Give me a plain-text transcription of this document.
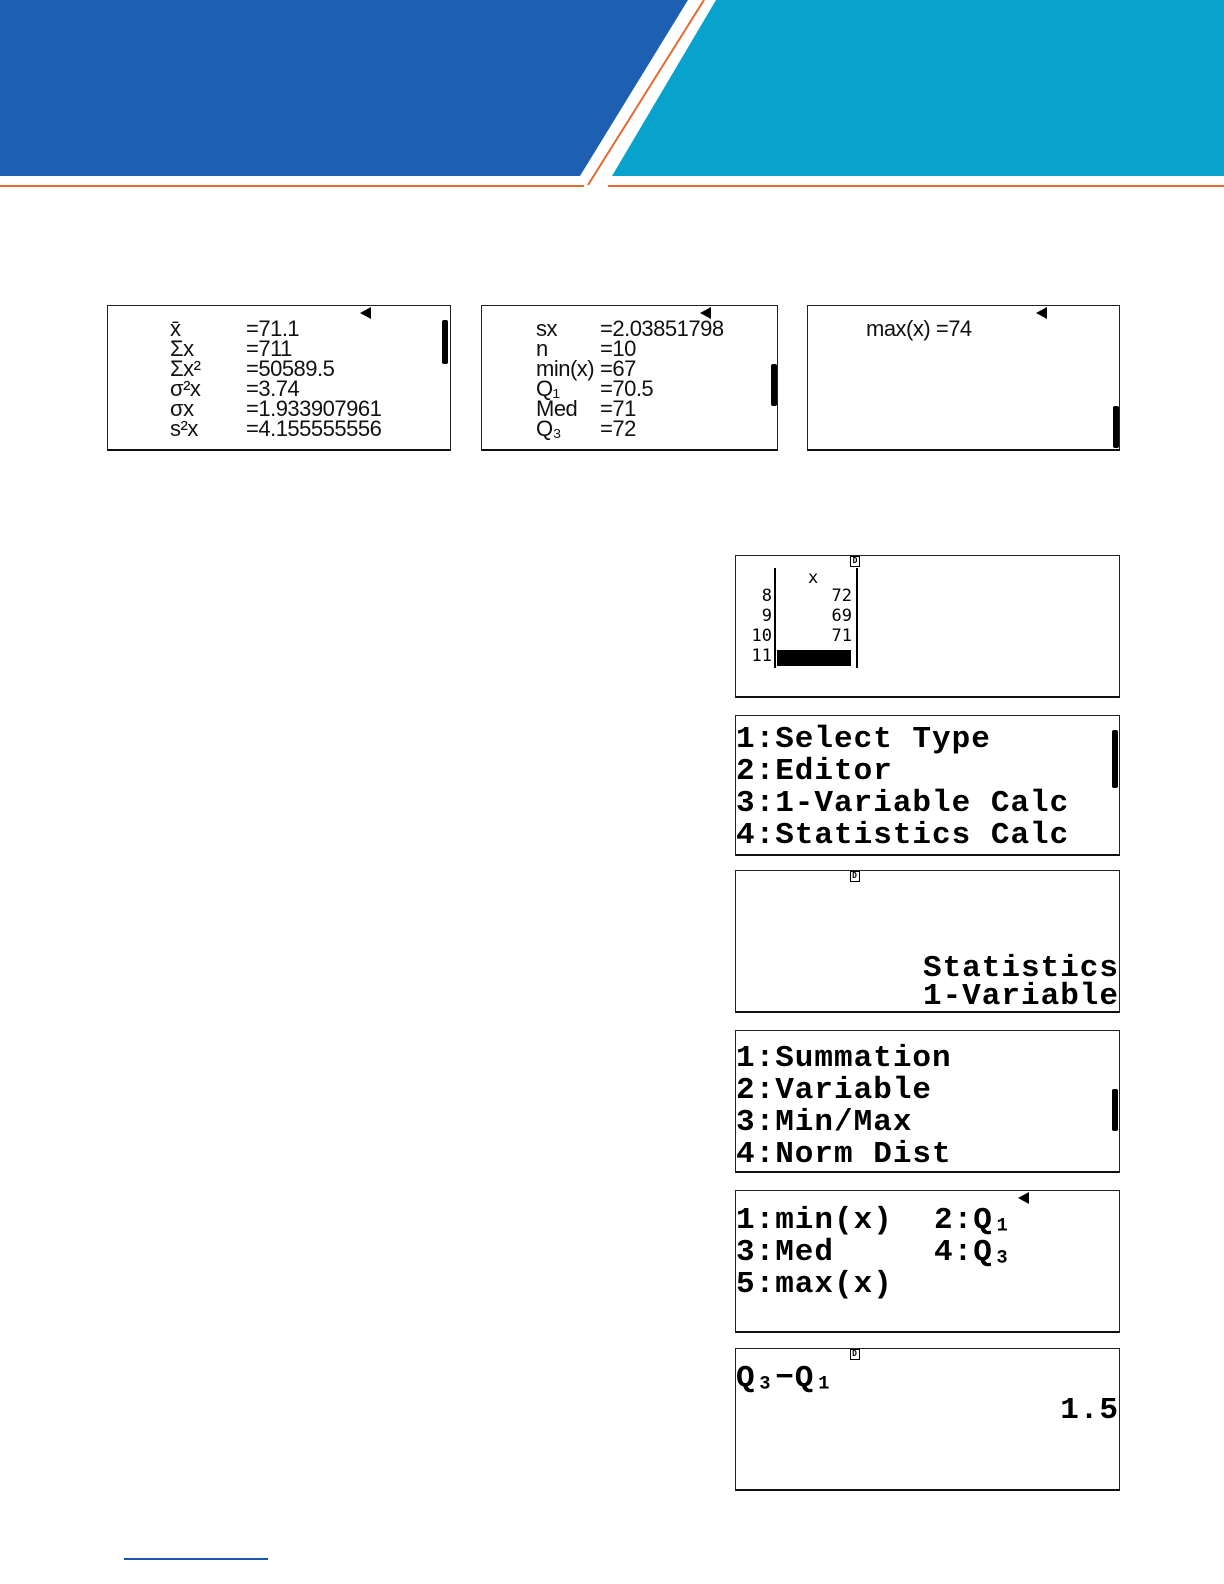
x̄	=71.1
Σx =711
Σx² =50589.5
σ²x =3.74
σx =1.933907961
s²x =4.155555556
sx =2.03851798
n =10
min(x) =67
Q₁ =70.5
Med =71
Q₃ =72
max(x) =74
D
x
8	72
9	69
10	71
11
1:Select Type
2:Editor
3:1-Variable Calc
4:Statistics Calc
D
Statistics
1-Variable
1:Summation
2:Variable
3:Min/Max
4:Norm Dist
1:min(x) 2:Q₁
3:Med	4:Q₃
5:max(x)
D
Q₃−Q₁
1.5
